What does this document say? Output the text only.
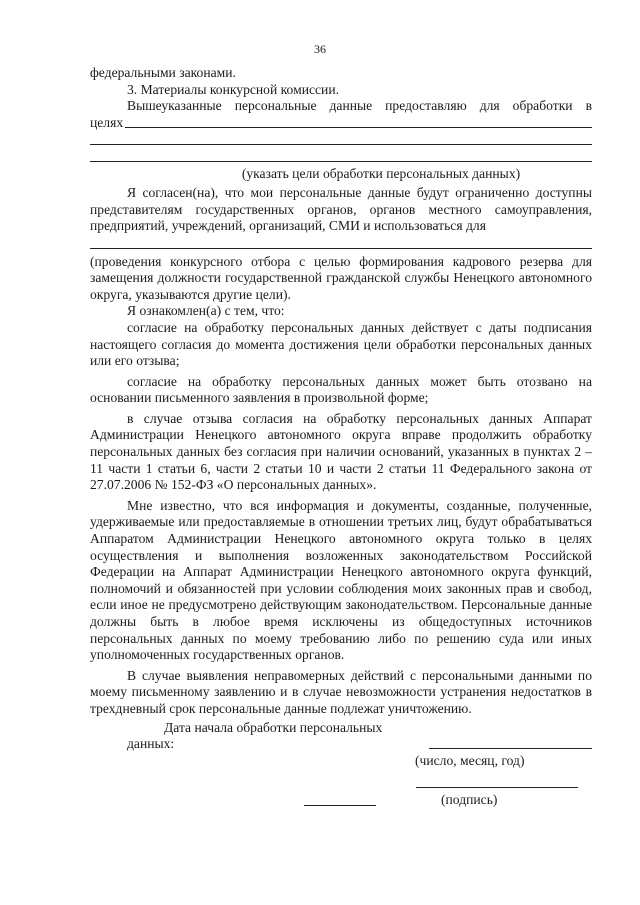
36

федеральными законами.

3. Материалы конкурсной комиссии.

Вышеуказанные персональные данные предоставляю для обработки в

целях

(указать цели обработки персональных данных)

Я согласен(на), что мои персональные данные будут ограниченно доступны представителям государственных органов, органов местного самоуправления, предприятий, учреждений, организаций, СМИ и использоваться для

(проведения конкурсного отбора с целью формирования кадрового резерва для замещения должности государственной гражданской службы Ненецкого автономного округа, указываются другие цели).

Я ознакомлен(а) с тем, что:

согласие на обработку персональных данных действует с даты подписания настоящего согласия до момента достижения цели обработки персональных данных или его отзыва;

согласие на обработку персональных данных может быть отозвано на основании письменного заявления в произвольной форме;

в случае отзыва согласия на обработку персональных данных Аппарат Администрации Ненецкого автономного округа вправе продолжить обработку персональных данных без согласия при наличии оснований, указанных в пунктах 2 – 11 части 1 статьи 6, части 2 статьи 10 и части 2 статьи 11 Федерального закона от 27.07.2006 № 152-ФЗ «О персональных данных».

Мне известно, что вся информация и документы, созданные, полученные, удерживаемые или предоставляемые в отношении третьих лиц, будут обрабатываться Аппаратом Администрации Ненецкого автономного округа только в целях осуществления и выполнения возложенных законодательством Российской Федерации на Аппарат Администрации Ненецкого автономного округа функций, полномочий и обязанностей при условии соблюдения моих законных прав и свобод, если иное не предусмотрено действующим законодательством. Персональные данные должны быть в любое время исключены из общедоступных источников персональных данных по моему требованию либо по решению суда или иных уполномоченных государственных органов.

В случае выявления неправомерных действий с персональными данными по моему письменному заявлению и в случае невозможности устранения недостатков в трехдневный срок персональные данные подлежат уничтожению.

Дата начала обработки персональных данных:

(число, месяц, год)

(подпись)
